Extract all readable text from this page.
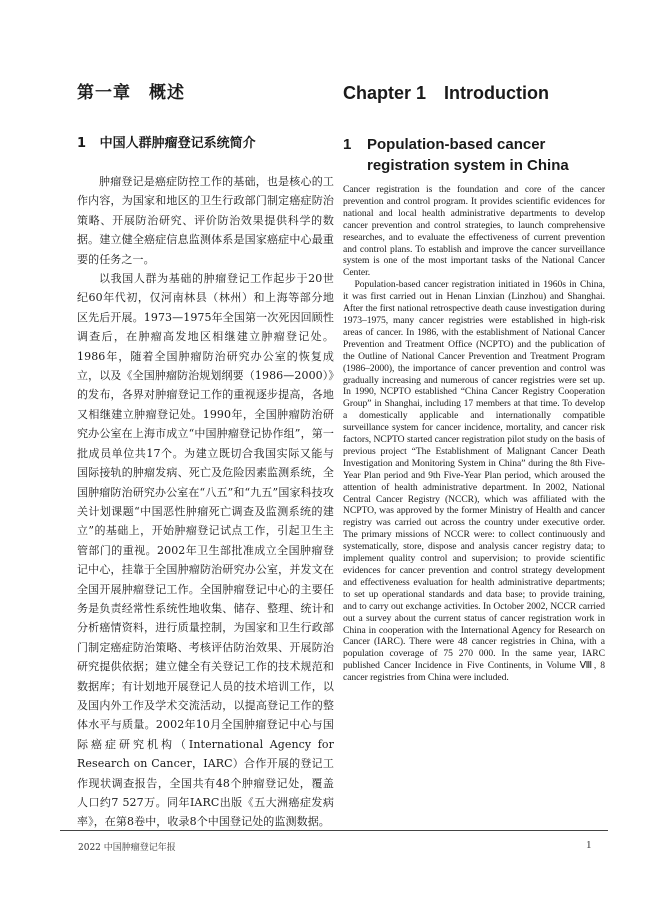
第一章　概述
1 中国人群肿瘤登记系统简介

肿瘤登记是癌症防控工作的基础，也是核心的工作内容，为国家和地区的卫生行政部门制定癌症防治策略、开展防治研究、评价防治效果提供科学的数据。建立健全癌症信息监测体系是国家癌症中心最重要的任务之一。

以我国人群为基础的肿瘤登记工作起步于20世纪60年代初，仅河南林县（林州）和上海等部分地区先后开展。1973—1975年全国第一次死因回顾性调查后，在肿瘤高发地区相继建立肿瘤登记处。1986年，随着全国肿瘤防治研究办公室的恢复成立，以及《全国肿瘤防治规划纲要（1986—2000）》的发布，各界对肿瘤登记工作的重视逐步提高，各地又相继建立肿瘤登记处。1990年，全国肿瘤防治研究办公室在上海市成立“中国肿瘤登记协作组”，第一批成员单位共17个。为建立既切合我国实际又能与国际接轨的肿瘤发病、死亡及危险因素监测系统，全国肿瘤防治研究办公室在“八五”和“九五”国家科技攻关计划课题“中国恶性肿瘤死亡调查及监测系统的建立”的基础上，开始肿瘤登记试点工作，引起卫生主管部门的重视。2002年卫生部批准成立全国肿瘤登记中心，挂靠于全国肿瘤防治研究办公室，并发文在全国开展肿瘤登记工作。全国肿瘤登记中心的主要任务是负责经常性系统性地收集、储存、整理、统计和分析癌情资料，进行质量控制，为国家和卫生行政部门制定癌症防治策略、考核评估防治效果、开展防治研究提供依据；建立健全有关登记工作的技术规范和数据库；有计划地开展登记人员的技术培训工作，以及国内外工作及学术交流活动，以提高登记工作的整体水平与质量。2002年10月全国肿瘤登记中心与国际癌症研究机构（International Agency for Research on Cancer，IARC）合作开展的登记工作现状调查报告，全国共有48个肿瘤登记处，覆盖人口约7 527万。同年IARC出版《五大洲癌症发病率》，在第8卷中，收录8个中国登记处的监测数据。

Chapter 1　Introduction
1 Population-based cancer registration system in China

Cancer registration is the foundation and core of the cancer prevention and control program. It provides scientific evidences for national and local health administrative departments to develop cancer prevention and control strategies, to launch comprehensive researches, and to evaluate the effectiveness of current prevention and control plans. To establish and improve the cancer surveillance system is one of the most important tasks of the National Cancer Center.

Population-based cancer registration initiated in 1960s in China, it was first carried out in Henan Linxian (Linzhou) and Shanghai. After the first national retrospective death cause investigation during 1973–1975, many cancer registries were established in high-risk areas of cancer. In 1986, with the establishment of National Cancer Prevention and Treatment Office (NCPTO) and the publication of the Outline of National Cancer Prevention and Treatment Program (1986–2000), the importance of cancer prevention and control was gradually increasing and numerous of cancer registries were set up. In 1990, NCPTO established “China Cancer Registry Cooperation Group” in Shanghai, including 17 members at that time. To develop a domestically applicable and internationally compatible surveillance system for cancer incidence, mortality, and cancer risk factors, NCPTO started cancer registration pilot study on the basis of previous project “The Establishment of Malignant Cancer Death Investigation and Monitoring System in China” during the 8th Five-Year Plan period and 9th Five-Year Plan period, which aroused the attention of health administrative department. In 2002, National Central Cancer Registry (NCCR), which was affiliated with the NCPTO, was approved by the former Ministry of Health and cancer registry was carried out across the country under executive order. The primary missions of NCCR were: to collect continuously and systematically, store, dispose and analysis cancer registry data; to implement quality control and supervision; to provide scientific evidences for cancer prevention and control strategy development and effectiveness evaluation for health administrative departments; to set up operational standards and data base; to provide training, and to carry out exchange activities. In October 2002, NCCR carried out a survey about the current status of cancer registration work in China in cooperation with the International Agency for Research on Cancer (IARC). There were 48 cancer registries in China, with a population coverage of 75 270 000. In the same year, IARC published Cancer Incidence in Five Continents, in Volume Ⅷ, 8 cancer registries from China were included.

2022 中国肿瘤登记年报	1
